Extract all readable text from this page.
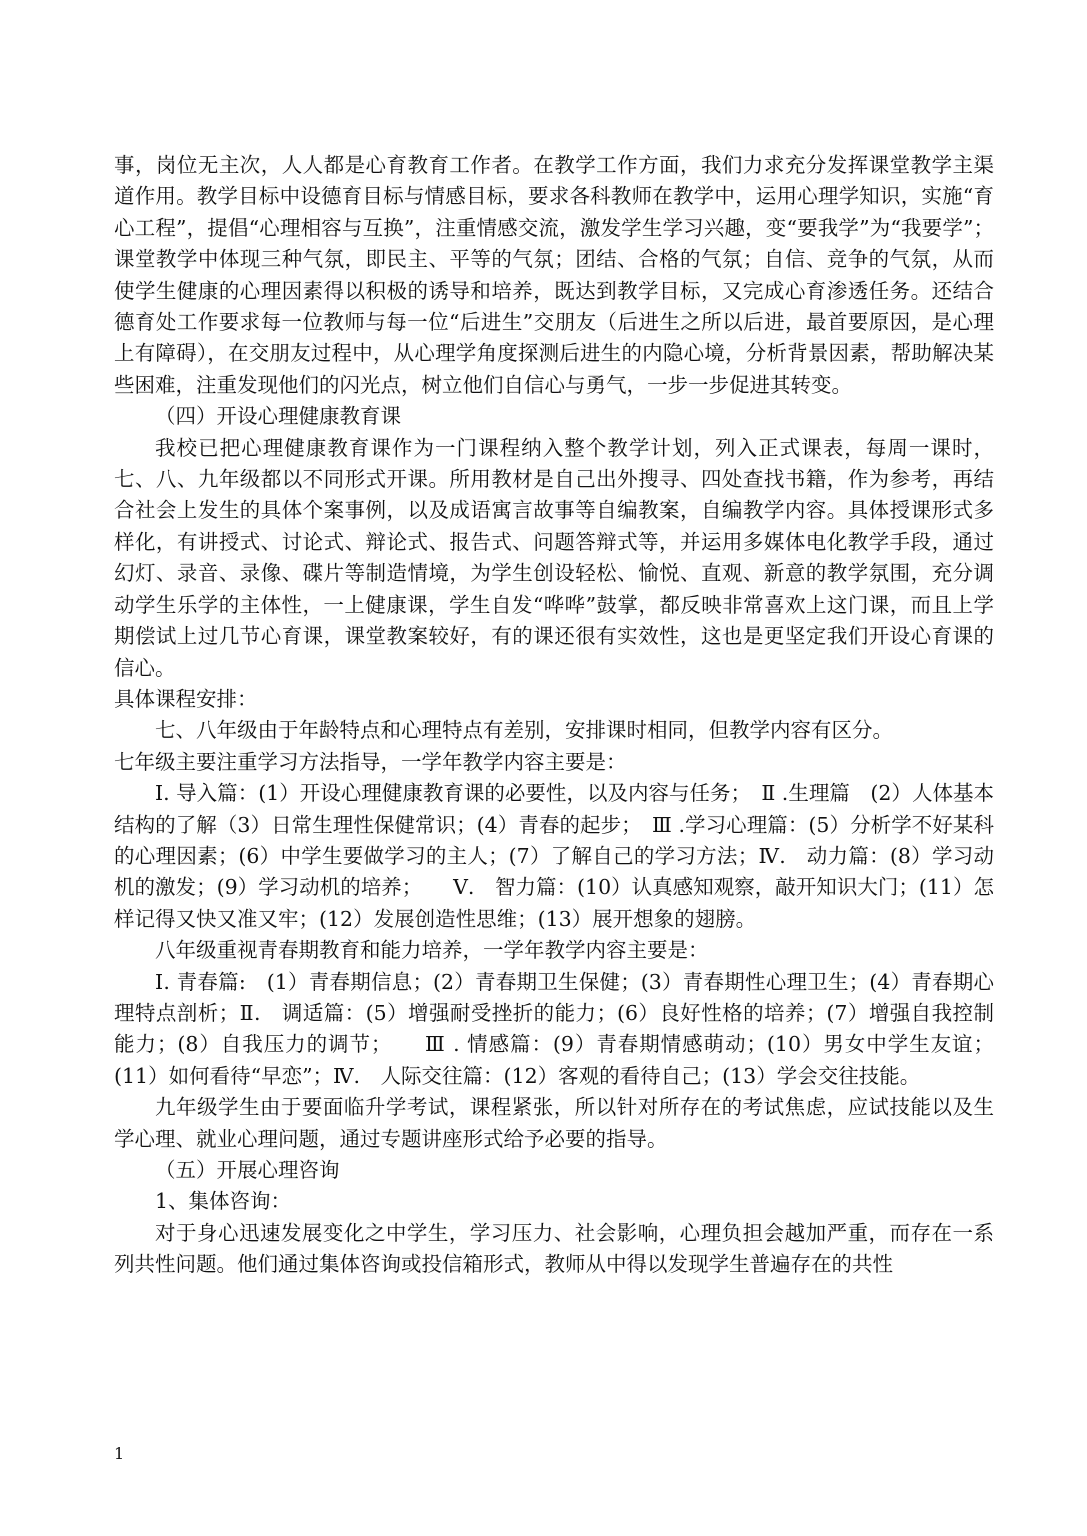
事，岗位无主次，人人都是心育教育工作者。在教学工作方面，我们力求充分发挥课堂教学主渠道作用。教学目标中设德育目标与情感目标，要求各科教师在教学中，运用心理学知识，实施“育心工程”，提倡“心理相容与互换”，注重情感交流，激发学生学习兴趣，变“要我学”为“我要学”；课堂教学中体现三种气氛，即民主、平等的气氛；团结、合格的气氛；自信、竞争的气氛，从而使学生健康的心理因素得以积极的诱导和培养，既达到教学目标，又完成心育渗透任务。还结合德育处工作要求每一位教师与每一位“后进生”交朋友（后进生之所以后进，最首要原因，是心理上有障碍），在交朋友过程中，从心理学角度探测后进生的内隐心境，分析背景因素，帮助解决某些困难，注重发现他们的闪光点，树立他们自信心与勇气，一步一步促进其转变。

（四）开设心理健康教育课

我校已把心理健康教育课作为一门课程纳入整个教学计划，列入正式课表，每周一课时，七、八、九年级都以不同形式开课。所用教材是自己出外搜寻、四处查找书籍，作为参考，再结合社会上发生的具体个案事例，以及成语寓言故事等自编教案，自编教学内容。具体授课形式多样化，有讲授式、讨论式、辩论式、报告式、问题答辩式等，并运用多媒体电化教学手段，通过幻灯、录音、录像、碟片等制造情境，为学生创设轻松、愉悦、直观、新意的教学氛围，充分调动学生乐学的主体性，一上健康课，学生自发“哗哗”鼓掌，都反映非常喜欢上这门课，而且上学期偿试上过几节心育课，课堂教案较好，有的课还很有实效性，这也是更坚定我们开设心育课的信心。

具体课程安排：

七、八年级由于年龄特点和心理特点有差别，安排课时相同，但教学内容有区分。

七年级主要注重学习方法指导，一学年教学内容主要是：

Ⅰ. 导入篇：(1）开设心理健康教育课的必要性，以及内容与任务；　Ⅱ .生理篇　(2）人体基本结构的了解（3）日常生理性保健常识；(4）青春的起步；　Ⅲ .学习心理篇：(5）分析学不好某科的心理因素；(6）中学生要做学习的主人；(7）了解自己的学习方法；Ⅳ.　动力篇：(8）学习动机的激发；(9）学习动机的培养；　　Ⅴ.　智力篇：(10）认真感知观察，敲开知识大门；(11）怎样记得又快又准又牢；(12）发展创造性思维；(13）展开想象的翅膀。

八年级重视青春期教育和能力培养，一学年教学内容主要是：

Ⅰ. 青春篇:　(1）青春期信息；(2）青春期卫生保健；(3）青春期性心理卫生；(4）青春期心理特点剖析；Ⅱ.　调适篇：(5）增强耐受挫折的能力；(6）良好性格的培养；(7）增强自我控制能力；(8）自我压力的调节；　　Ⅲ . 情感篇：(9）青春期情感萌动；(10）男女中学生友谊；(11）如何看待“早恋”；Ⅳ.　人际交往篇：(12）客观的看待自己；(13）学会交往技能。

九年级学生由于要面临升学考试，课程紧张，所以针对所存在的考试焦虑，应试技能以及生学心理、就业心理问题，通过专题讲座形式给予必要的指导。

（五）开展心理咨询

1、集体咨询：

对于身心迅速发展变化之中学生，学习压力、社会影响，心理负担会越加严重，而存在一系列共性问题。他们通过集体咨询或投信箱形式，教师从中得以发现学生普遍存在的共性

1
